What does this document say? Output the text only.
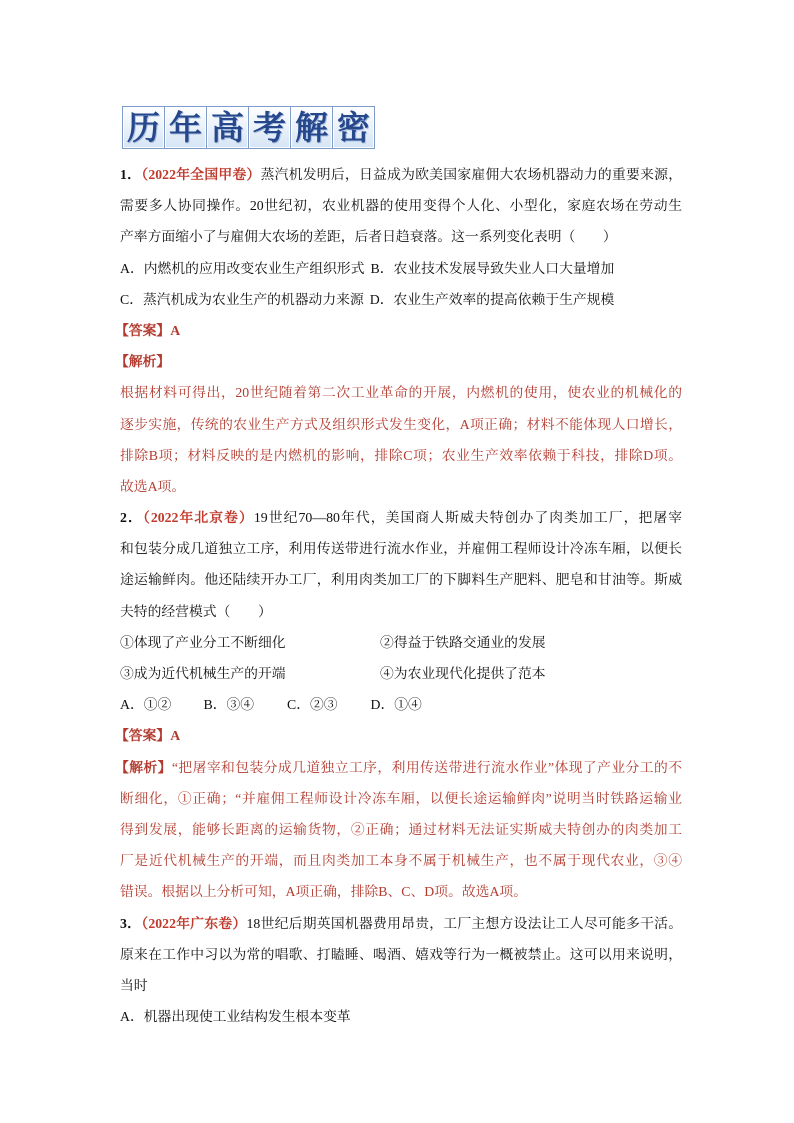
历 年 高 考 解 密
1．（2022年全国甲卷）蒸汽机发明后，日益成为欧美国家雇佣大农场机器动力的重要来源，
需要多人协同操作。20世纪初，农业机器的使用变得个人化、小型化，家庭农场在劳动生
产率方面缩小了与雇佣大农场的差距，后者日趋衰落。这一系列变化表明（　　）
A．内燃机的应用改变农业生产组织形式 B．农业技术发展导致失业人口大量增加
C．蒸汽机成为农业生产的机器动力来源 D．农业生产效率的提高依赖于生产规模
【答案】A
【解析】
根据材料可得出，20世纪随着第二次工业革命的开展，内燃机的使用，使农业的机械化的
逐步实施，传统的农业生产方式及组织形式发生变化，A项正确；材料不能体现人口增长，
排除B项；材料反映的是内燃机的影响，排除C项；农业生产效率依赖于科技，排除D项。
故选A项。
2．（2022年北京卷）19世纪70—80年代，美国商人斯威夫特创办了肉类加工厂，把屠宰
和包装分成几道独立工序，利用传送带进行流水作业，并雇佣工程师设计冷冻车厢，以便长
途运输鲜肉。他还陆续开办工厂，利用肉类加工厂的下脚料生产肥料、肥皂和甘油等。斯威
夫特的经营模式（　　）
①体现了产业分工不断细化	②得益于铁路交通业的发展
③成为近代机械生产的开端	④为农业现代化提供了范本
A．①② B．③④ C．②③ D．①④
【答案】A
【解析】“把屠宰和包装分成几道独立工序，利用传送带进行流水作业”体现了产业分工的不
断细化，①正确；“并雇佣工程师设计冷冻车厢，以便长途运输鲜肉”说明当时铁路运输业
得到发展，能够长距离的运输货物，②正确；通过材料无法证实斯威夫特创办的肉类加工
厂是近代机械生产的开端，而且肉类加工本身不属于机械生产，也不属于现代农业，③④
错误。根据以上分析可知，A项正确，排除B、C、D项。故选A项。
3．（2022年广东卷）18世纪后期英国机器费用昂贵，工厂主想方设法让工人尽可能多干活。
原来在工作中习以为常的唱歌、打瞌睡、喝酒、嬉戏等行为一概被禁止。这可以用来说明，
当时
A．机器出现使工业结构发生根本变革
